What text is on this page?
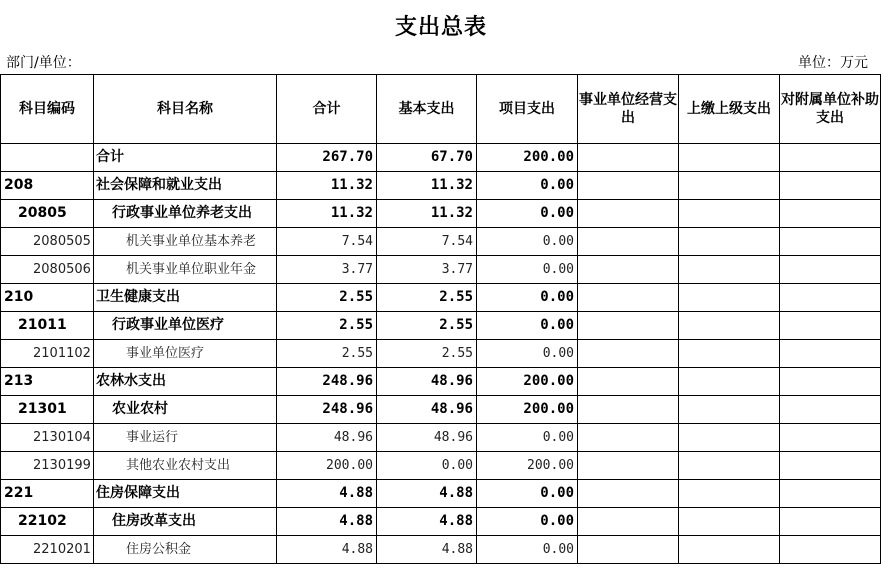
支出总表
部门/单位：	单位：万元
科目编码	科目名称	合计	基本支出	项目支出	事业单位经营支出	上缴上级支出	对附属单位补助支出
	合计	267.70	67.70	200.00			
208	社会保障和就业支出	11.32	11.32	0.00			
20805	行政事业单位养老支出	11.32	11.32	0.00			
2080505	机关事业单位基本养老	7.54	7.54	0.00			
2080506	机关事业单位职业年金	3.77	3.77	0.00			
210	卫生健康支出	2.55	2.55	0.00			
21011	行政事业单位医疗	2.55	2.55	0.00			
2101102	事业单位医疗	2.55	2.55	0.00			
213	农林水支出	248.96	48.96	200.00			
21301	农业农村	248.96	48.96	200.00			
2130104	事业运行	48.96	48.96	0.00			
2130199	其他农业农村支出	200.00	0.00	200.00			
221	住房保障支出	4.88	4.88	0.00			
22102	住房改革支出	4.88	4.88	0.00			
2210201	住房公积金	4.88	4.88	0.00			
